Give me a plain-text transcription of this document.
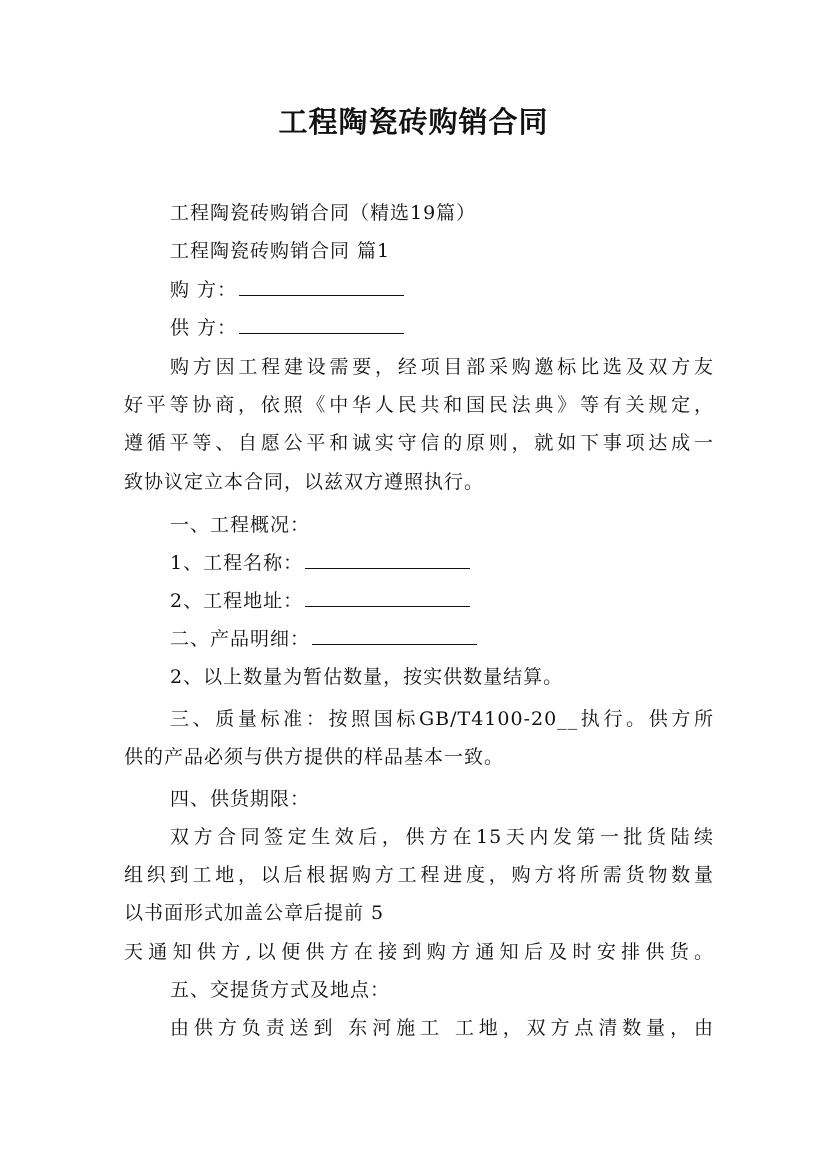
工程陶瓷砖购销合同
工程陶瓷砖购销合同（精选19篇）
工程陶瓷砖购销合同 篇1
购 方：
供 方：
购方因工程建设需要，经项目部采购邀标比选及双方友
好平等协商，依照《中华人民共和国民法典》等有关规定，
遵循平等、自愿公平和诚实守信的原则，就如下事项达成一
致协议定立本合同，以兹双方遵照执行。
一、工程概况：
1、工程名称：
2、工程地址：
二、产品明细：
2、以上数量为暂估数量，按实供数量结算。
三、质量标准：按照国标GB/T4100-20__执行。供方所
供的产品必须与供方提供的样品基本一致。
四、供货期限：
双方合同签定生效后，供方在15天内发第一批货陆续
组织到工地，以后根据购方工程进度，购方将所需货物数量
以书面形式加盖公章后提前 5
天通知供方,以便供方在接到购方通知后及时安排供货。
五、交提货方式及地点：
由供方负责送到 东河施工 工地，双方点清数量，由
